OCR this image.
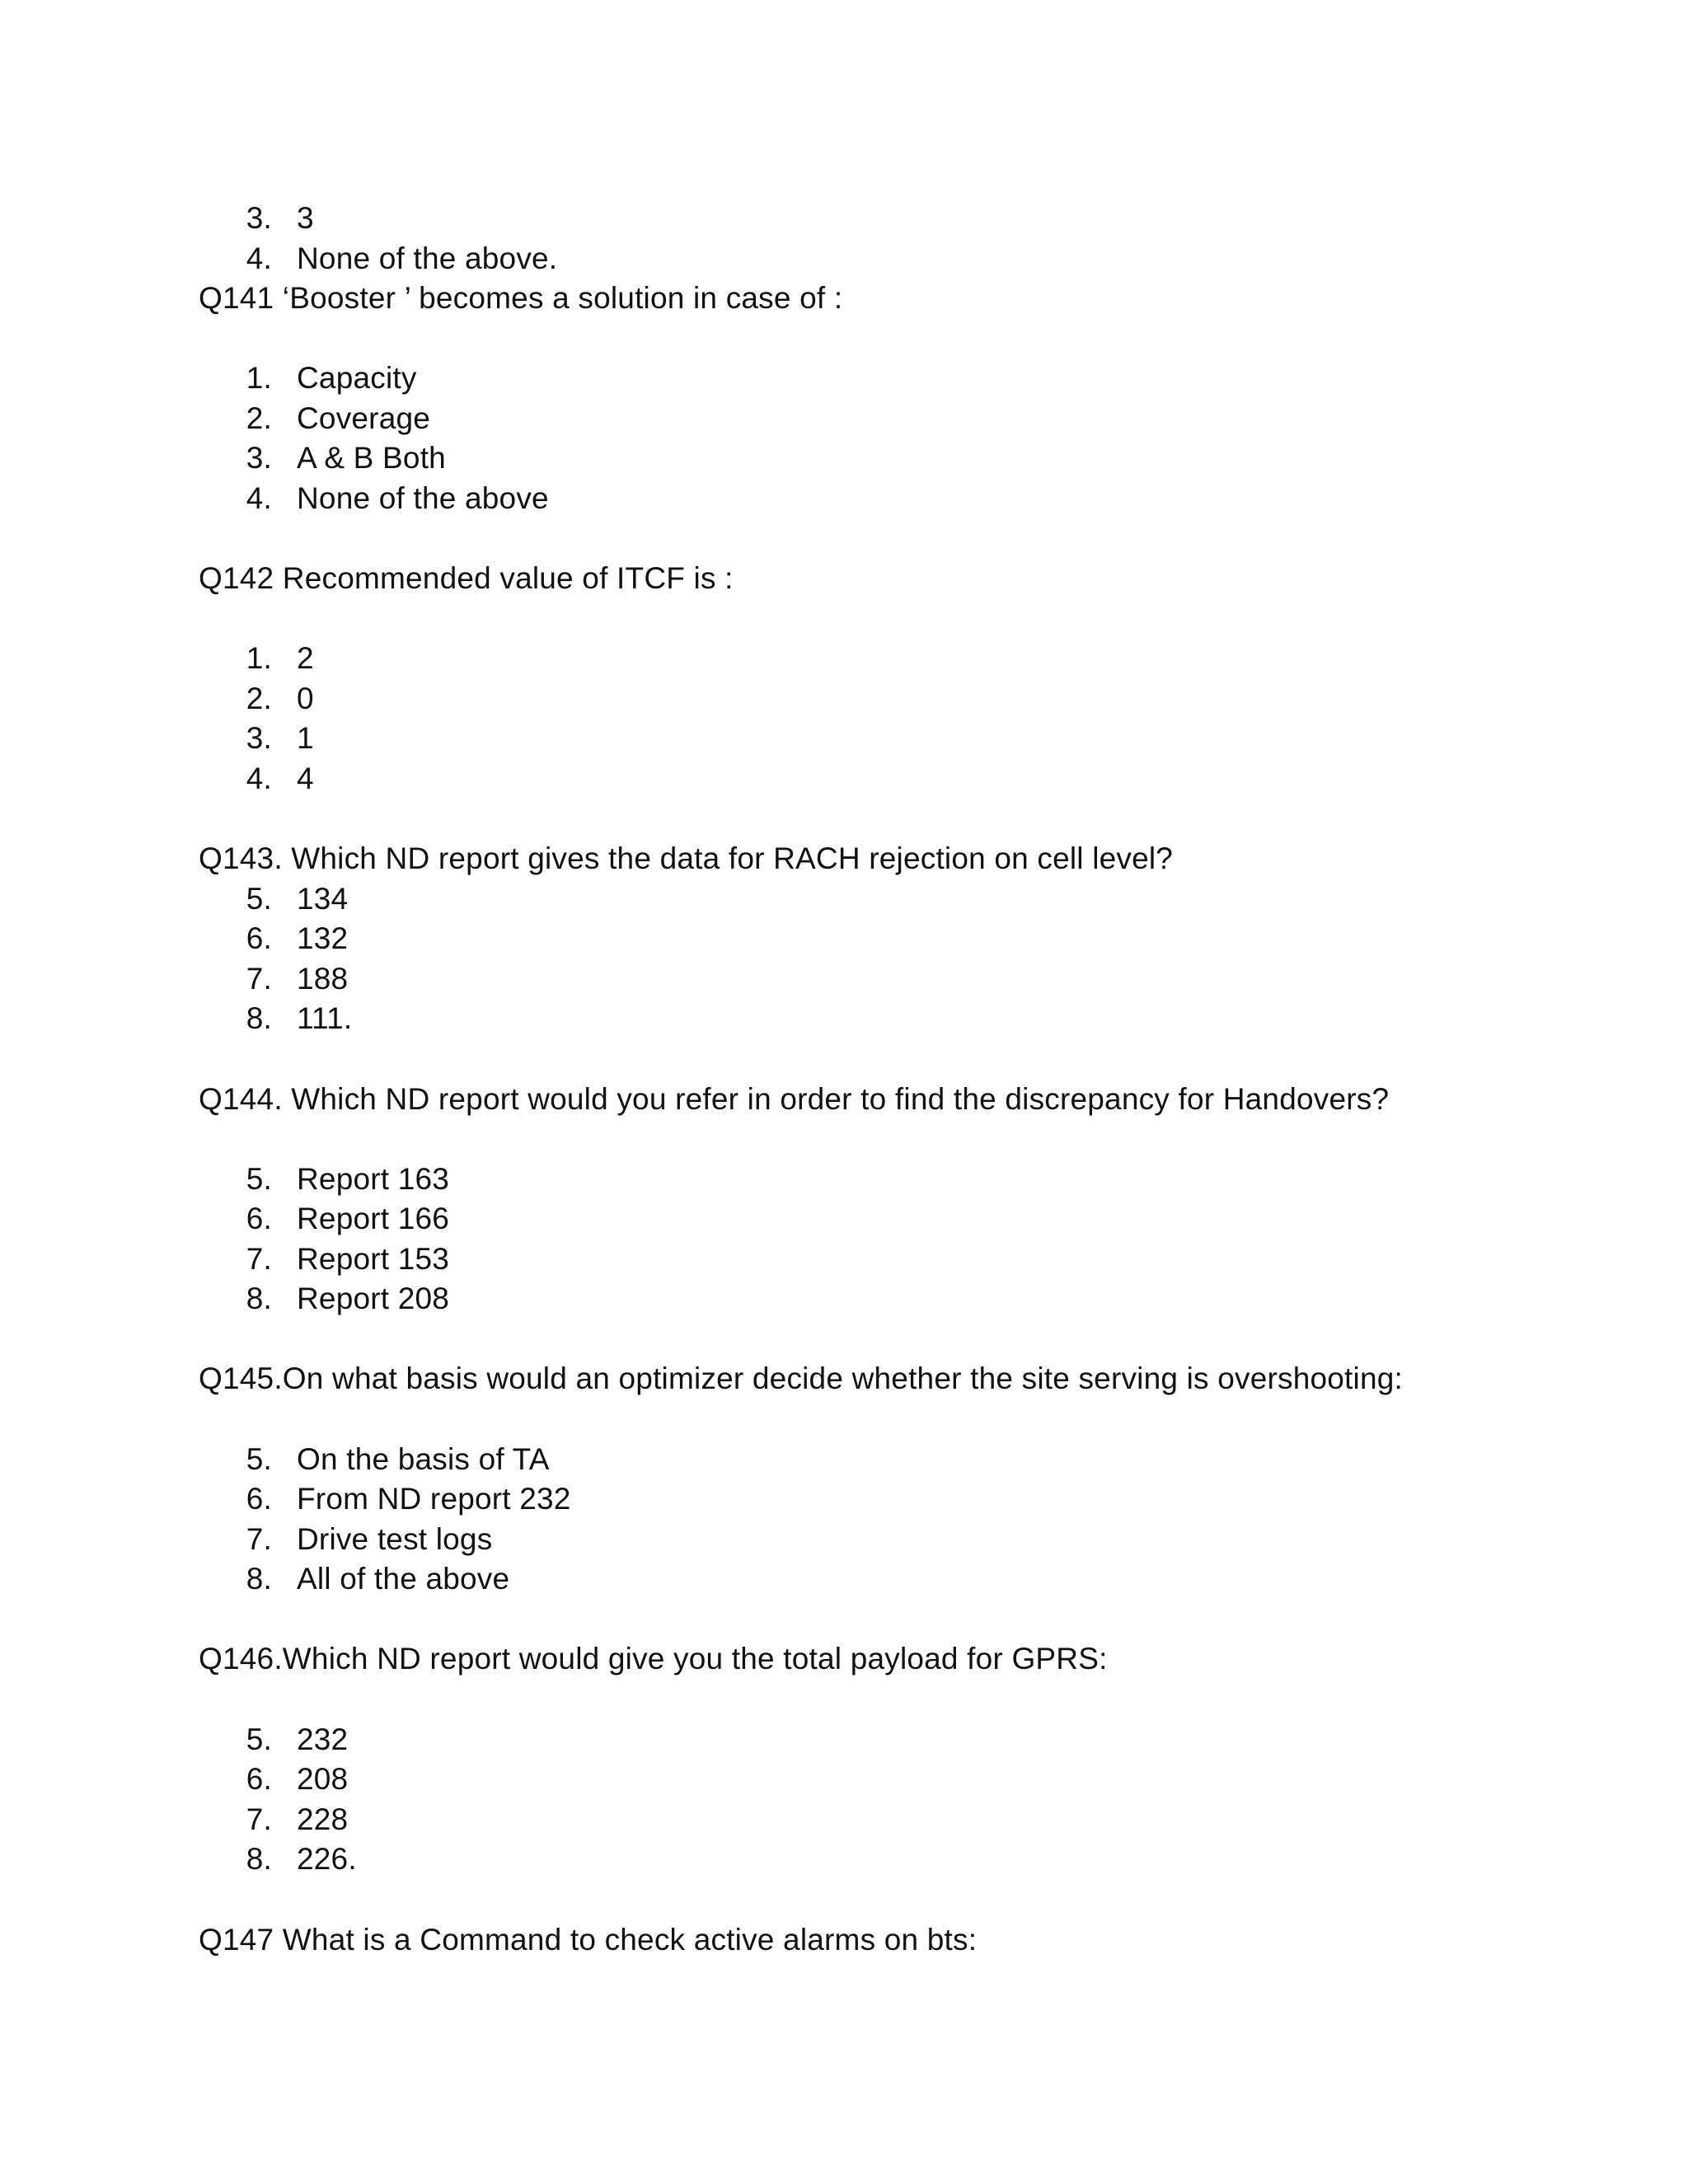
3. 3
4. None of the above.
Q141 ‘Booster ’ becomes a solution in case of :
1. Capacity
2. Coverage
3. A & B Both
4. None of the above
Q142 Recommended value of ITCF is :
1. 2
2. 0
3. 1
4. 4
Q143. Which ND report gives the data for RACH rejection on cell level?
5. 134
6. 132
7. 188
8. 111.
Q144. Which ND report would you refer in order to find the discrepancy for Handovers?
5. Report 163
6. Report 166
7. Report 153
8. Report 208
Q145.On what basis would an optimizer decide whether the site serving is overshooting:
5. On the basis of TA
6. From ND report 232
7. Drive test logs
8. All of the above
Q146.Which ND report would give you the total payload for GPRS:
5. 232
6. 208
7. 228
8. 226.
Q147 What is a Command to check active alarms on bts:
